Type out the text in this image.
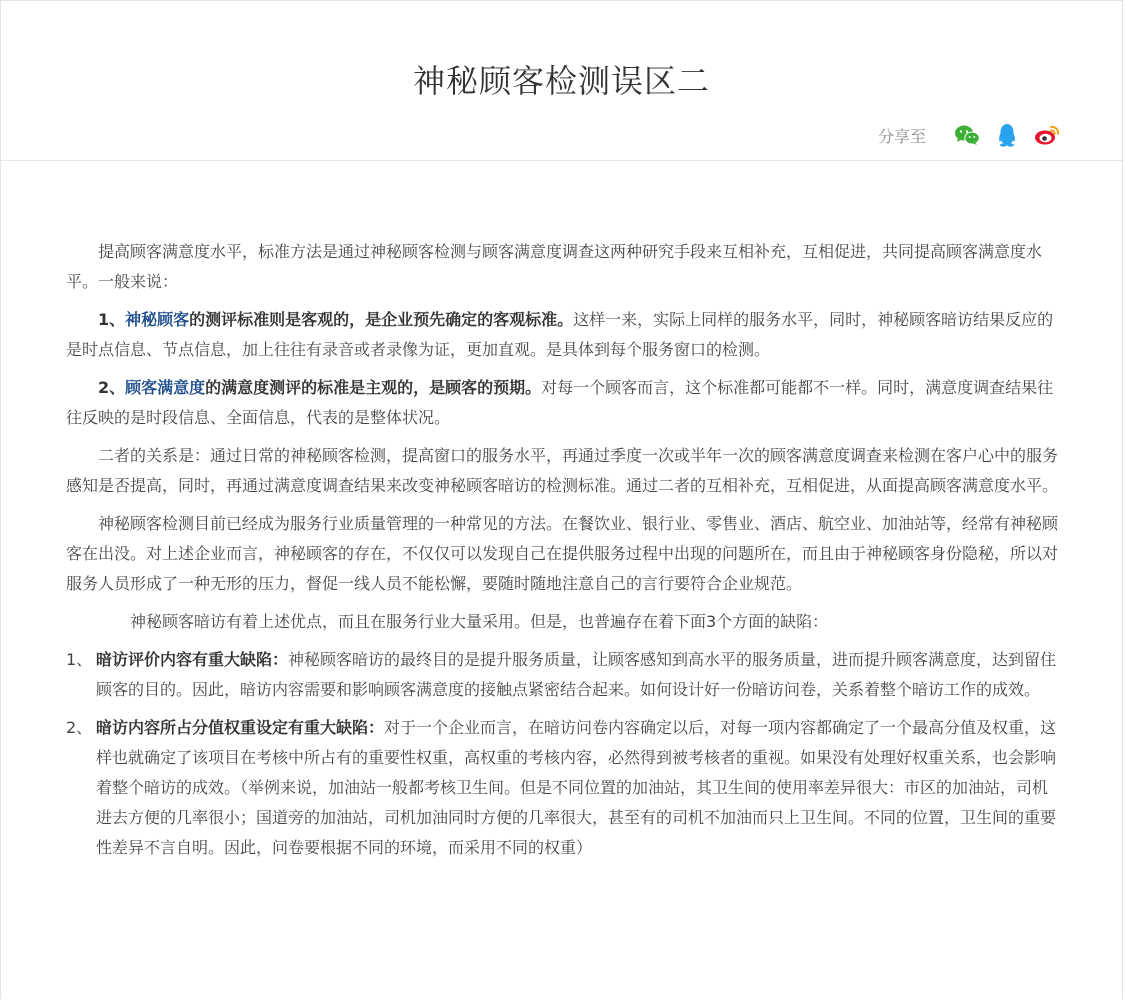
神秘顾客检测误区二
分享至

提高顾客满意度水平，标准方法是通过神秘顾客检测与顾客满意度调查这两种研究手段来互相补充，互相促进，共同提高顾客满意度水平。一般来说：

1、神秘顾客的测评标准则是客观的，是企业预先确定的客观标准。这样一来，实际上同样的服务水平，同时，神秘顾客暗访结果反应的是时点信息、节点信息，加上往往有录音或者录像为证，更加直观。是具体到每个服务窗口的检测。

2、顾客满意度的满意度测评的标准是主观的，是顾客的预期。对每一个顾客而言，这个标准都可能都不一样。同时，满意度调查结果往往反映的是时段信息、全面信息，代表的是整体状况。

二者的关系是：通过日常的神秘顾客检测，提高窗口的服务水平，再通过季度一次或半年一次的顾客满意度调查来检测在客户心中的服务感知是否提高，同时，再通过满意度调查结果来改变神秘顾客暗访的检测标准。通过二者的互相补充，互相促进，从面提高顾客满意度水平。

神秘顾客检测目前已经成为服务行业质量管理的一种常见的方法。在餐饮业、银行业、零售业、酒店、航空业、加油站等，经常有神秘顾客在出没。对上述企业而言，神秘顾客的存在，不仅仅可以发现自己在提供服务过程中出现的问题所在，而且由于神秘顾客身份隐秘，所以对服务人员形成了一种无形的压力，督促一线人员不能松懈，要随时随地注意自己的言行要符合企业规范。

神秘顾客暗访有着上述优点，而且在服务行业大量采用。但是，也普遍存在着下面3个方面的缺陷：

1、 暗访评价内容有重大缺陷：神秘顾客暗访的最终目的是提升服务质量，让顾客感知到高水平的服务质量，进而提升顾客满意度，达到留住顾客的目的。因此，暗访内容需要和影响顾客满意度的接触点紧密结合起来。如何设计好一份暗访问卷，关系着整个暗访工作的成效。
2、 暗访内容所占分值权重设定有重大缺陷：对于一个企业而言，在暗访问卷内容确定以后，对每一项内容都确定了一个最高分值及权重，这样也就确定了该项目在考核中所占有的重要性权重，高权重的考核内容，必然得到被考核者的重视。如果没有处理好权重关系，也会影响着整个暗访的成效。（举例来说，加油站一般都考核卫生间。但是不同位置的加油站，其卫生间的使用率差异很大：市区的加油站，司机进去方便的几率很小；国道旁的加油站，司机加油同时方便的几率很大，甚至有的司机不加油而只上卫生间。不同的位置，卫生间的重要性差异不言自明。因此，问卷要根据不同的环境，而采用不同的权重）
